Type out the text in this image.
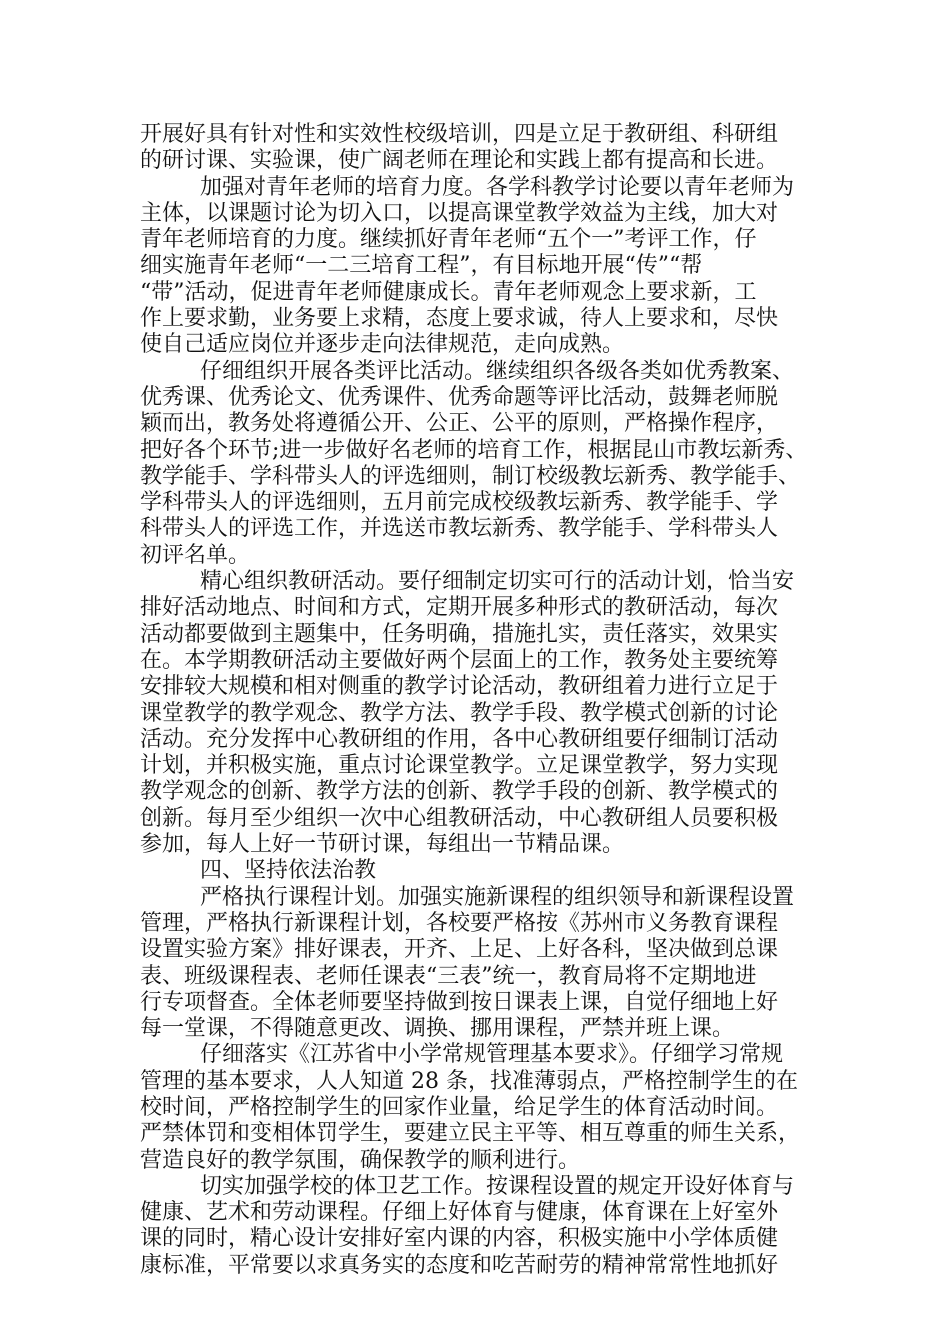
开展好具有针对性和实效性校级培训，四是立足于教研组、科研组
的研讨课、实验课，使广阔老师在理论和实践上都有提高和长进。
加强对青年老师的培育力度。各学科教学讨论要以青年老师为
主体，以课题讨论为切入口，以提高课堂教学效益为主线，加大对
青年老师培育的力度。继续抓好青年老师“五个一”考评工作，仔
细实施青年老师“一二三培育工程”，有目标地开展“传”“帮
“带”活动，促进青年老师健康成长。青年老师观念上要求新，工
作上要求勤，业务要上求精，态度上要求诚，待人上要求和，尽快
使自己适应岗位并逐步走向法律规范，走向成熟。
仔细组织开展各类评比活动。继续组织各级各类如优秀教案、
优秀课、优秀论文、优秀课件、优秀命题等评比活动，鼓舞老师脱
颖而出，教务处将遵循公开、公正、公平的原则，严格操作程序，
把好各个环节;进一步做好名老师的培育工作，根据昆山市教坛新秀、
教学能手、学科带头人的评选细则，制订校级教坛新秀、教学能手、
学科带头人的评选细则，五月前完成校级教坛新秀、教学能手、学
科带头人的评选工作，并选送市教坛新秀、教学能手、学科带头人
初评名单。
精心组织教研活动。要仔细制定切实可行的活动计划，恰当安
排好活动地点、时间和方式，定期开展多种形式的教研活动，每次
活动都要做到主题集中，任务明确，措施扎实，责任落实，效果实
在。本学期教研活动主要做好两个层面上的工作，教务处主要统筹
安排较大规模和相对侧重的教学讨论活动，教研组着力进行立足于
课堂教学的教学观念、教学方法、教学手段、教学模式创新的讨论
活动。充分发挥中心教研组的作用，各中心教研组要仔细制订活动
计划，并积极实施，重点讨论课堂教学。立足课堂教学，努力实现
教学观念的创新、教学方法的创新、教学手段的创新、教学模式的
创新。每月至少组织一次中心组教研活动，中心教研组人员要积极
参加，每人上好一节研讨课，每组出一节精品课。
四、坚持依法治教
严格执行课程计划。加强实施新课程的组织领导和新课程设置
管理，严格执行新课程计划，各校要严格按《苏州市义务教育课程
设置实验方案》排好课表，开齐、上足、上好各科，坚决做到总课
表、班级课程表、老师任课表“三表”统一，教育局将不定期地进
行专项督查。全体老师要坚持做到按日课表上课，自觉仔细地上好
每一堂课，不得随意更改、调换、挪用课程，严禁并班上课。
仔细落实《江苏省中小学常规管理基本要求》。仔细学习常规
管理的基本要求，人人知道 28 条，找准薄弱点，严格控制学生的在
校时间，严格控制学生的回家作业量，给足学生的体育活动时间。
严禁体罚和变相体罚学生，要建立民主平等、相互尊重的师生关系，
营造良好的教学氛围，确保教学的顺利进行。
切实加强学校的体卫艺工作。按课程设置的规定开设好体育与
健康、艺术和劳动课程。仔细上好体育与健康，体育课在上好室外
课的同时，精心设计安排好室内课的内容，积极实施中小学体质健
康标准，平常要以求真务实的态度和吃苦耐劳的精神常常性地抓好
